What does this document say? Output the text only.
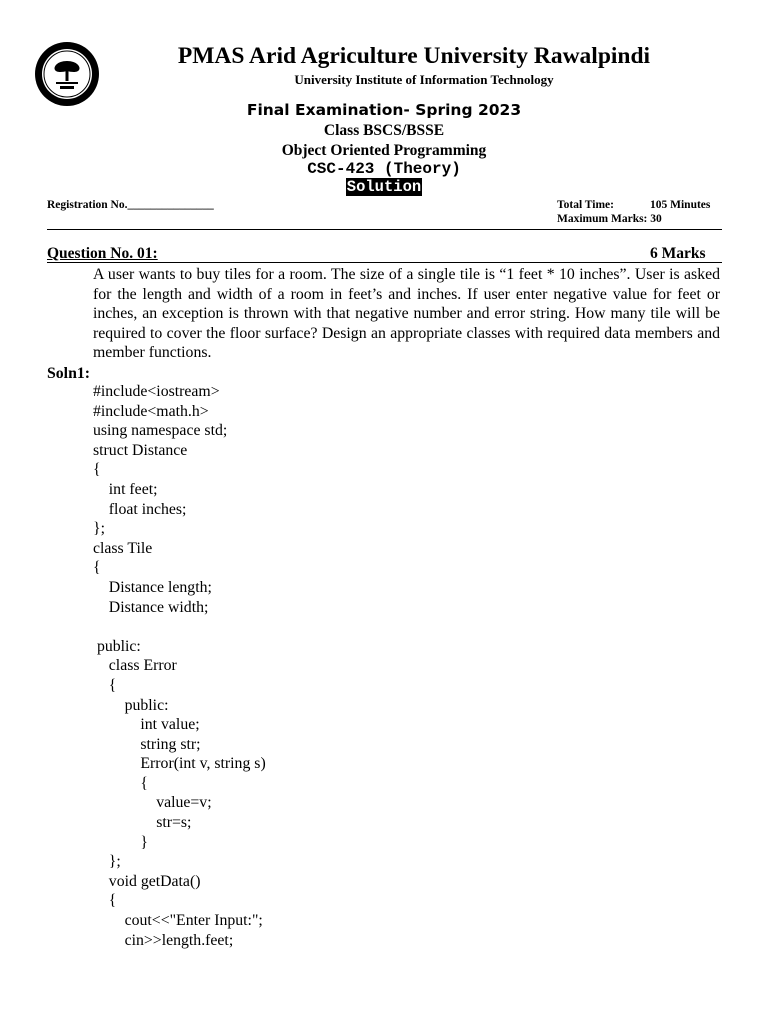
PMAS Arid Agriculture University Rawalpindi
University Institute of Information Technology
Final Examination- Spring 2023
Class BSCS/BSSE
Object Oriented Programming
CSC-423 (Theory)
Solution
Registration No._______________	Total Time:	105 Minutes
Maximum Marks: 30
Question No. 01:	6 Marks
A user wants to buy tiles for a room. The size of a single tile is “1 feet * 10 inches”. User is asked for the length and width of a room in feet’s and inches. If user enter negative value for feet or inches, an exception is thrown with that negative number and error string. How many tile will be required to cover the floor surface? Design an appropriate classes with required data members and member functions.
Soln1:
#include<iostream>
#include<math.h>
using namespace std;
struct Distance
{
int feet;
float inches;
};
class Tile
{
Distance length;
Distance width;

public:
class Error
{
public:
int value;
string str;
Error(int v, string s)
{
value=v;
str=s;
}
};
void getData()
{
cout<<"Enter Input:";
cin>>length.feet;
